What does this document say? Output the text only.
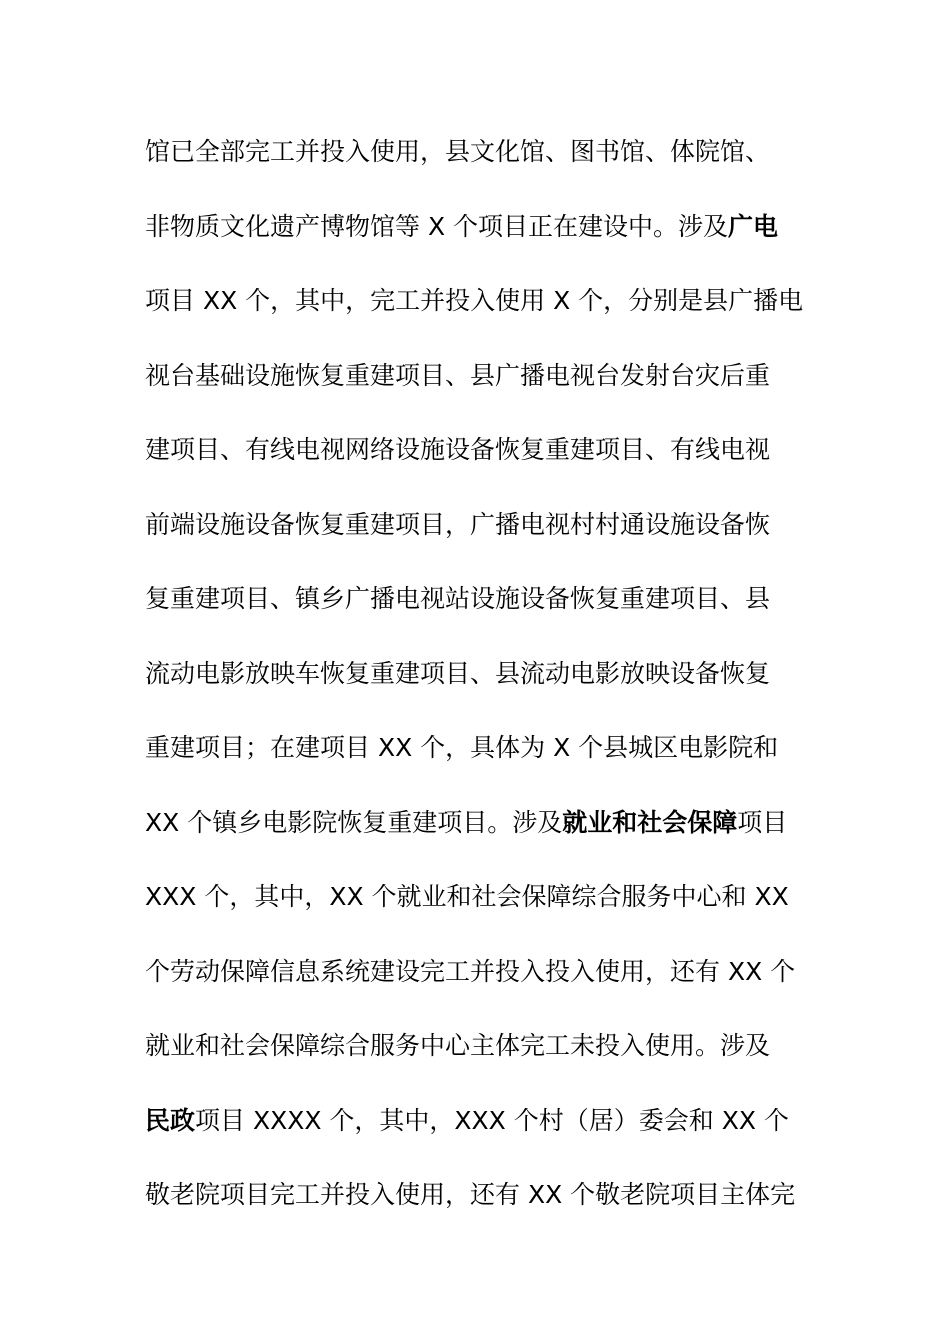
馆已全部完工并投入使用，县文化馆、图书馆、体院馆、
非物质文化遗产博物馆等 X 个项目正在建设中。涉及广电
项目 XX 个，其中，完工并投入使用 X 个，分别是县广播电
视台基础设施恢复重建项目、县广播电视台发射台灾后重
建项目、有线电视网络设施设备恢复重建项目、有线电视
前端设施设备恢复重建项目，广播电视村村通设施设备恢
复重建项目、镇乡广播电视站设施设备恢复重建项目、县
流动电影放映车恢复重建项目、县流动电影放映设备恢复
重建项目；在建项目 XX 个，具体为 X 个县城区电影院和
XX 个镇乡电影院恢复重建项目。涉及就业和社会保障项目
XXX 个，其中，XX 个就业和社会保障综合服务中心和 XX
个劳动保障信息系统建设完工并投入投入使用，还有 XX 个
就业和社会保障综合服务中心主体完工未投入使用。涉及
民政项目 XXXX 个，其中，XXX 个村（居）委会和 XX 个
敬老院项目完工并投入使用，还有 XX 个敬老院项目主体完
